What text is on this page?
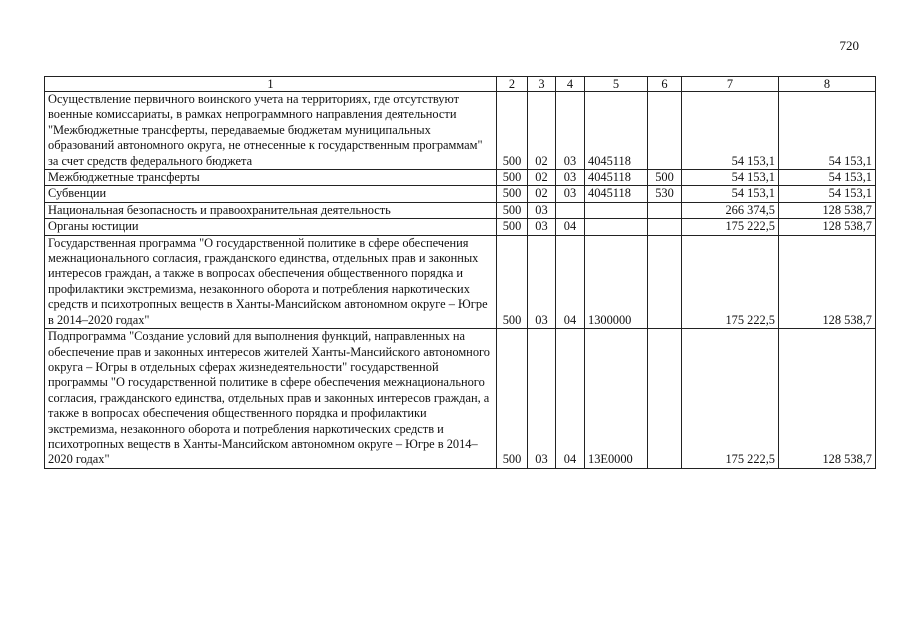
720
1	2	3	4	5	6	7	8
Осуществление первичного воинского учета на территориях, где отсутствуют военные комиссариаты, в рамках непрограммного направления деятельности "Межбюджетные трансферты, передаваемые бюджетам муниципальных образований автономного округа, не отнесенные к государственным программам" за счет средств федерального бюджета	500	02	03	4045118		54 153,1	54 153,1
Межбюджетные трансферты	500	02	03	4045118	500	54 153,1	54 153,1
Субвенции	500	02	03	4045118	530	54 153,1	54 153,1
Национальная безопасность и правоохранительная деятельность	500	03				266 374,5	128 538,7
Органы юстиции	500	03	04			175 222,5	128 538,7
Государственная программа "О государственной политике в сфере обеспечения межнационального согласия, гражданского единства, отдельных прав и законных интересов граждан, а также в вопросах обеспечения общественного порядка и профилактики экстремизма, незаконного оборота и потребления наркотических средств и психотропных веществ в Ханты-Мансийском автономном округе – Югре в 2014–2020 годах"	500	03	04	1300000		175 222,5	128 538,7
Подпрограмма "Создание условий для выполнения функций, направленных на обеспечение прав и законных интересов жителей Ханты-Мансийского автономного округа – Югры в отдельных сферах жизнедеятельности" государственной программы "О государственной политике в сфере обеспечения межнационального согласия, гражданского единства, отдельных прав и законных интересов граждан, а также в вопросах обеспечения общественного порядка и профилактики экстремизма, незаконного оборота и потребления наркотических средств и психотропных веществ в Ханты-Мансийском автономном округе – Югре в 2014–2020 годах"	500	03	04	13Е0000		175 222,5	128 538,7
